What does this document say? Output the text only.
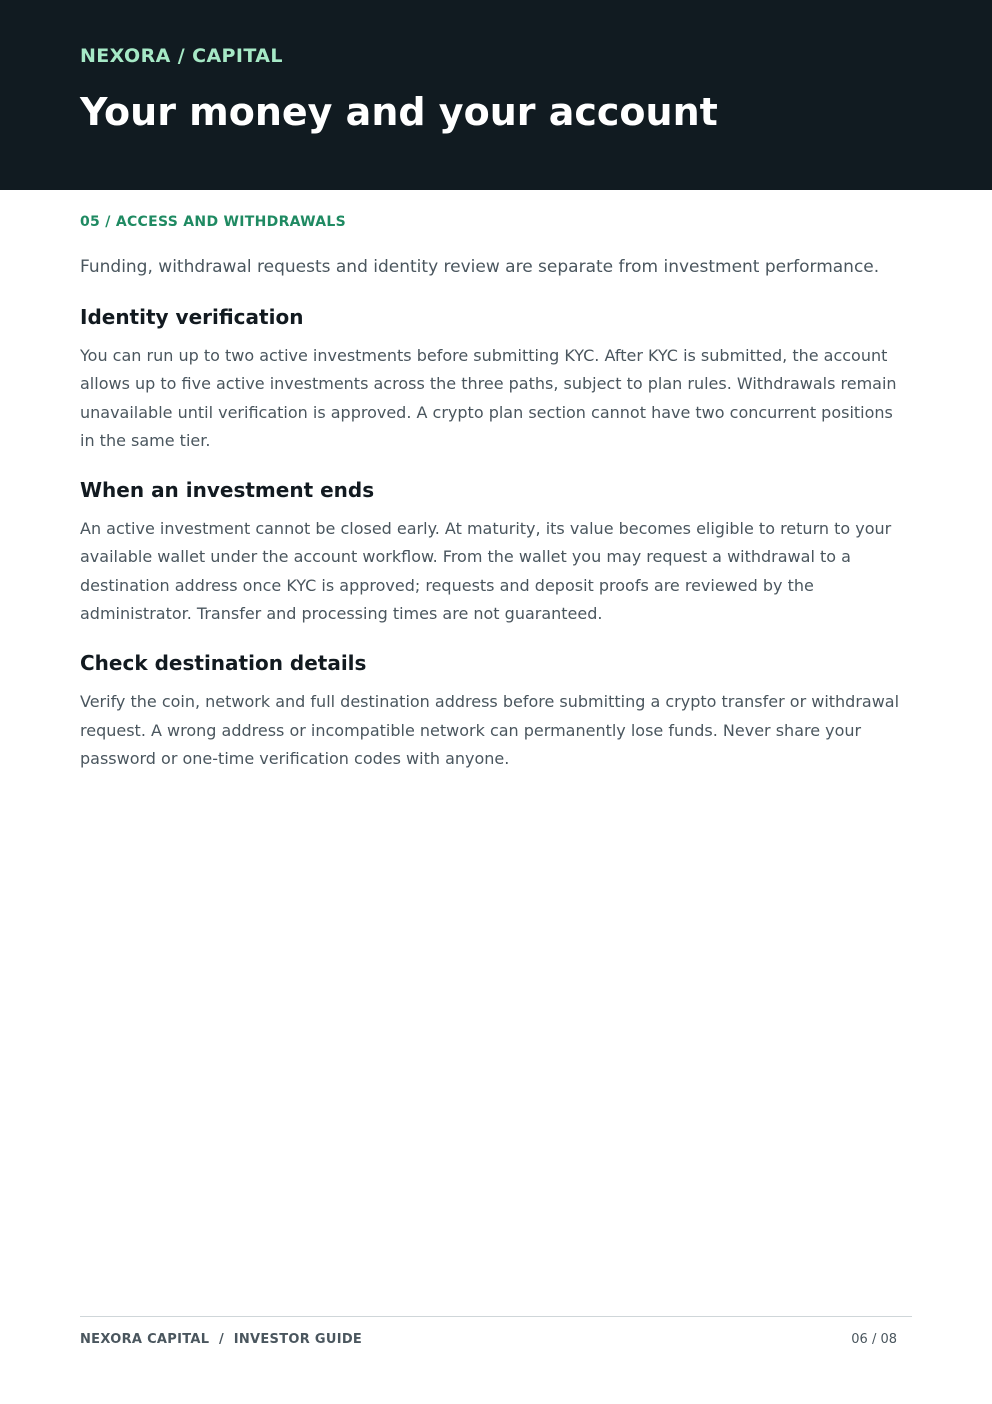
NEXORA / CAPITAL

Your money and your account

05 / ACCESS AND WITHDRAWALS

Funding, withdrawal requests and identity review are separate from investment performance.

Identity verification

You can run up to two active investments before submitting KYC. After KYC is submitted, the account allows up to five active investments across the three paths, subject to plan rules. Withdrawals remain unavailable until verification is approved. A crypto plan section cannot have two concurrent positions in the same tier.

When an investment ends

An active investment cannot be closed early. At maturity, its value becomes eligible to return to your available wallet under the account workflow. From the wallet you may request a withdrawal to a destination address once KYC is approved; requests and deposit proofs are reviewed by the administrator. Transfer and processing times are not guaranteed.

Check destination details

Verify the coin, network and full destination address before submitting a crypto transfer or withdrawal request. A wrong address or incompatible network can permanently lose funds. Never share your password or one-time verification codes with anyone.

NEXORA CAPITAL  /  INVESTOR GUIDE	06 / 08
